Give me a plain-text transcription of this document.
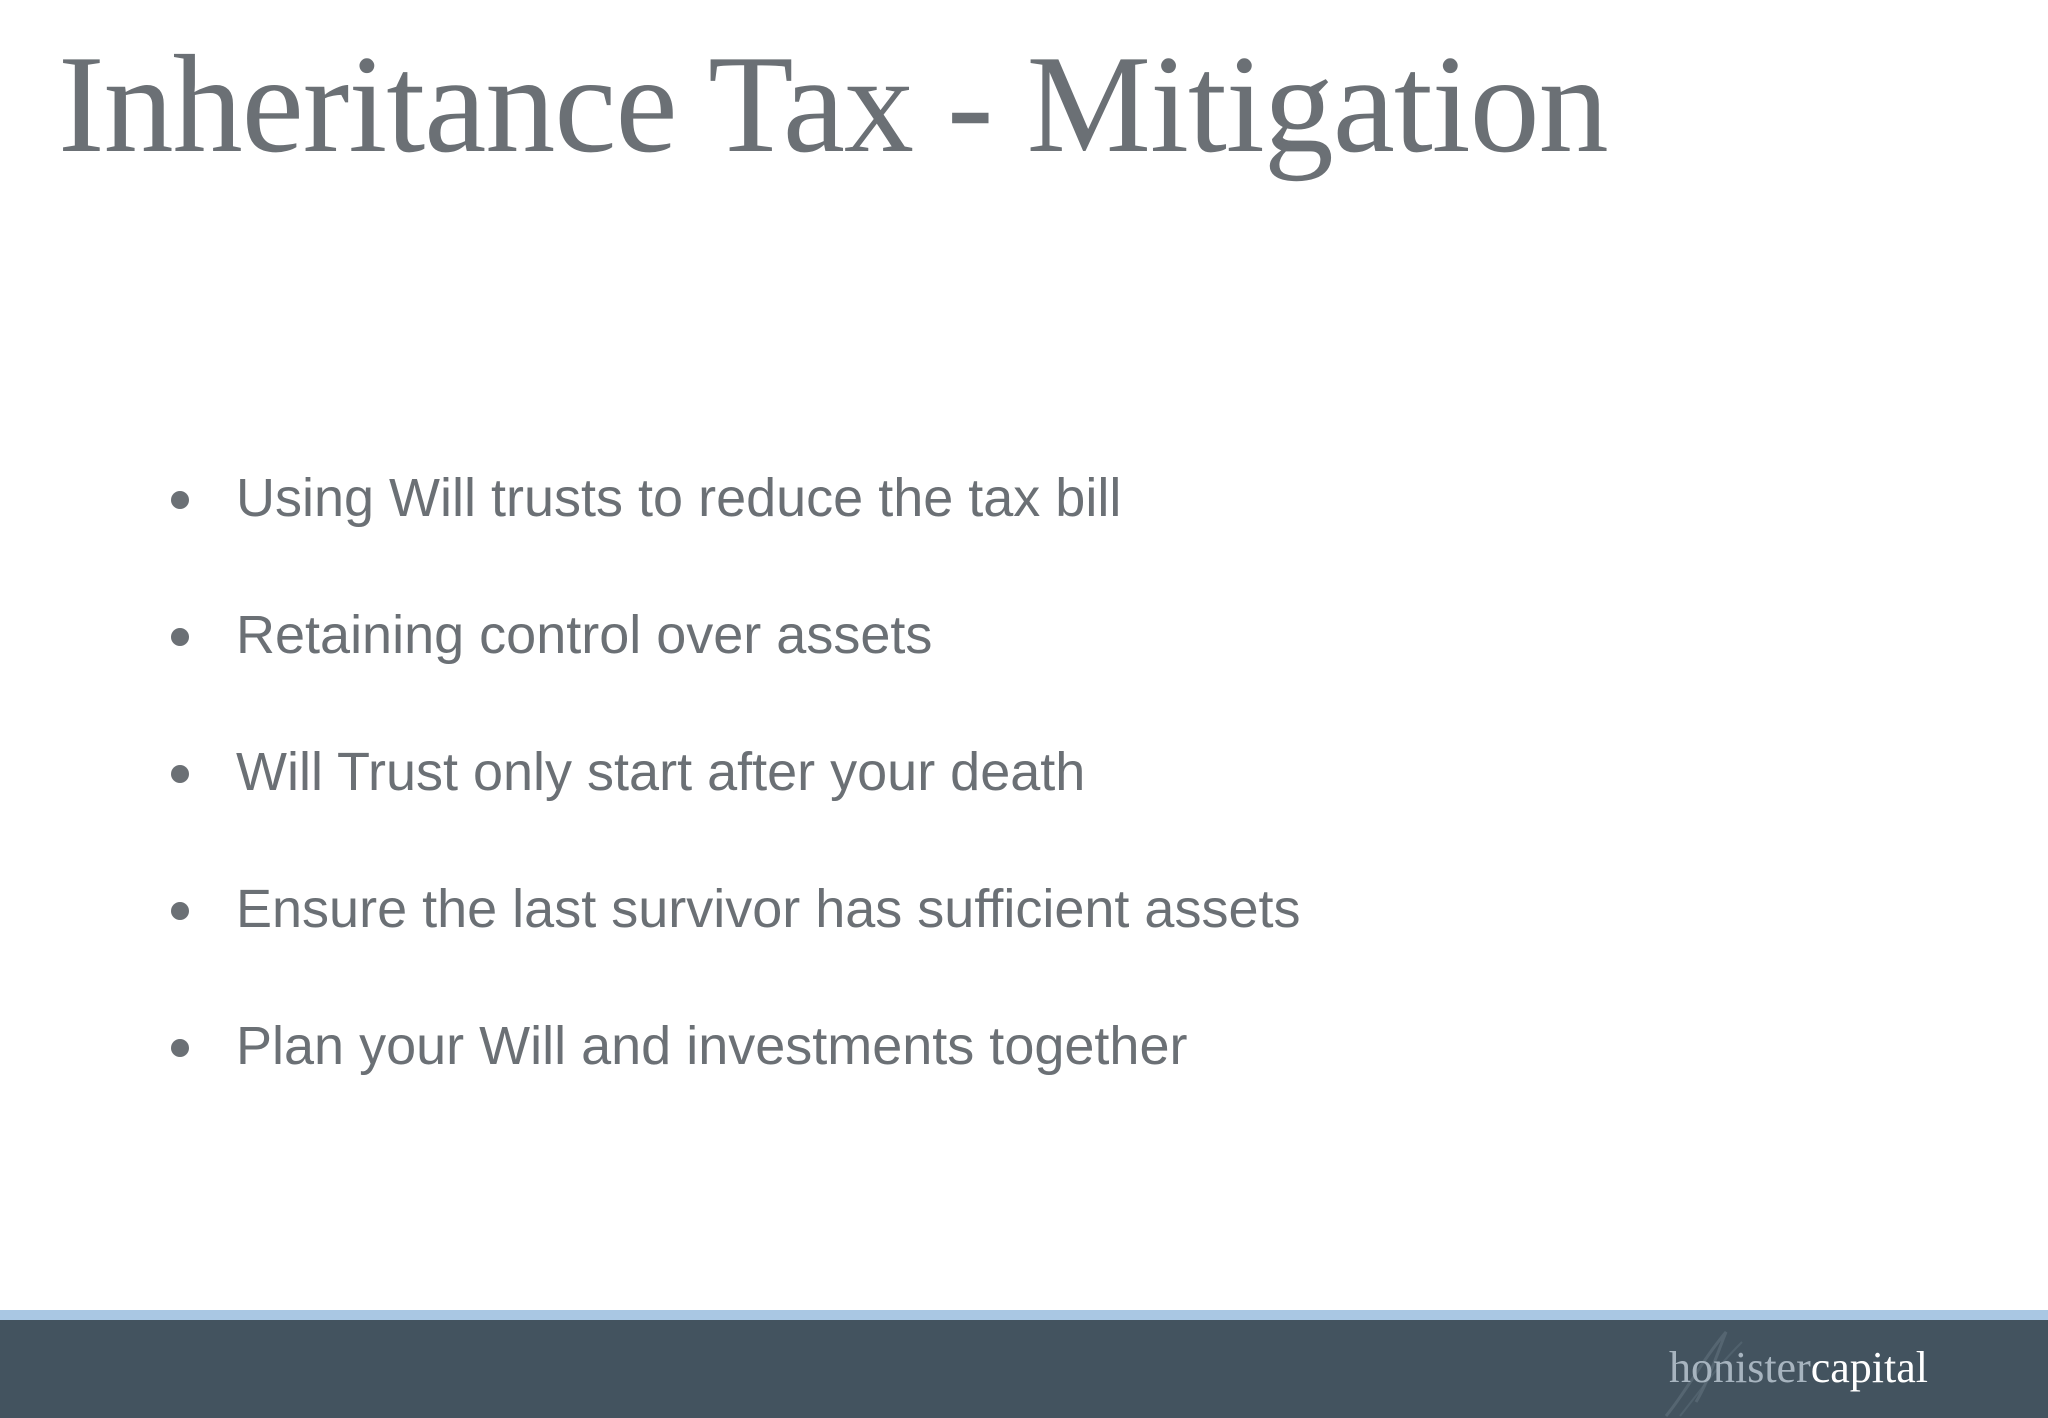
Inheritance Tax - Mitigation
Using Will trusts to reduce the tax bill
Retaining control over assets
Will Trust only start after your death
Ensure the last survivor has sufficient assets
Plan your Will and investments together
honistercapital
